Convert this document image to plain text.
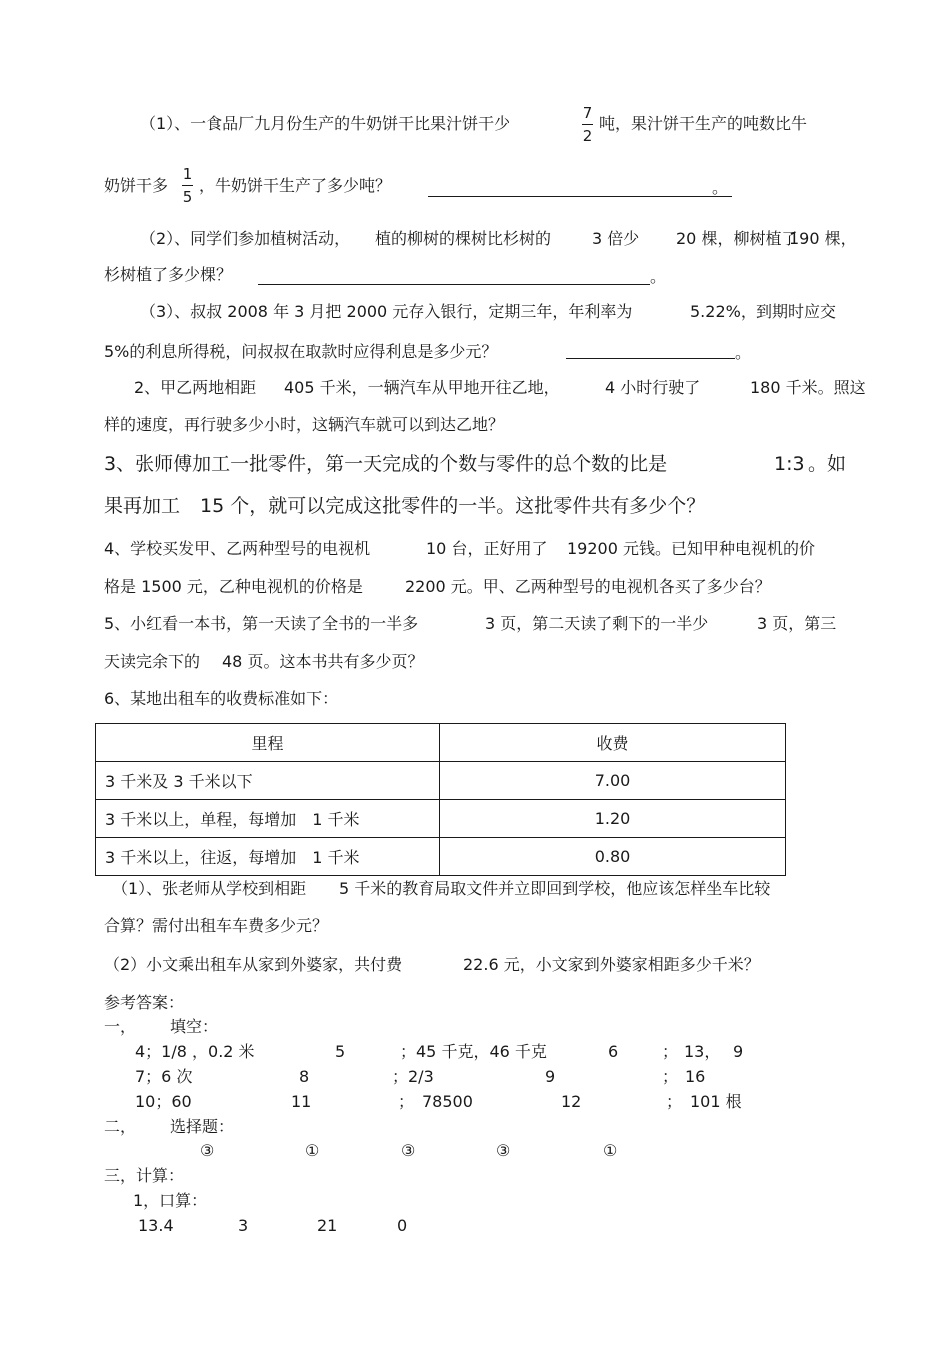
（1）、一食品厂九月份生产的牛奶饼干比果汁饼干少
7
2
吨，果汁饼干生产的吨数比牛
奶饼干多
1
5
，牛奶饼干生产了多少吨？	。
（2）、同学们参加植树活动， 植的柳树的棵树比杉树的	3 倍少 20 棵，柳树植了
190 棵，
杉树植了多少棵？	。
（3）、叔叔 2008 年 3 月把 2000 元存入银行，定期三年，年利率为	5.22%， 到期时应交
5%的利息所得税，问叔叔在取款时应得利息是多少元？	。
2、甲乙两地相距 405 千米，一辆汽车从甲地开往乙地，	4 小时行驶了	180 千米。照这
样的速度，再行驶多少小时，这辆汽车就可以到达乙地？
3、张师傅加工一批零件，第一天完成的个数与零件的总个数的比是	1:3 。如
果再加工 15 个，就可以完成这批零件的一半。这批零件共有多少个？
4、学校买发甲、乙两种型号的电视机	10 台，正好用了 19200 元钱。已知甲种电视机的价
格是 1500 元，乙种电视机的价格是	2200 元。甲、乙两种型号的电视机各买了多少台？
5、小红看一本书，第一天读了全书的一半多	3 页，第二天读了剩下的一半少	3 页，第三
天读完余下的 48 页。这本书共有多少页？
6、某地出租车的收费标准如下：
里程	收费
3 千米及 3 千米以下	7.00
3 千米以上，单程，每增加　1 千米	1.20
3 千米以上，往返，每增加　1 千米	0.80
（1）、张老师从学校到相距 5 千米的教育局取文件并立即回到学校，他应该怎样坐车比较
合算？需付出租车车费多少元？
（2）小文乘出租车从家到外婆家，共付费	22.6 元，小文家到外婆家相距多少千米？
参考答案：
一， 填空：
4；1/8 ，0.2 米	5	；45 千克，46 千克	6	； 13， 9
7；6 次	8	；2/3	9	； 16
10；60	11	； 78500	12	； 101 根
二， 选择题：
③	①	③	③	①
三，计算：
1，口算：
13.4	3	21	0
